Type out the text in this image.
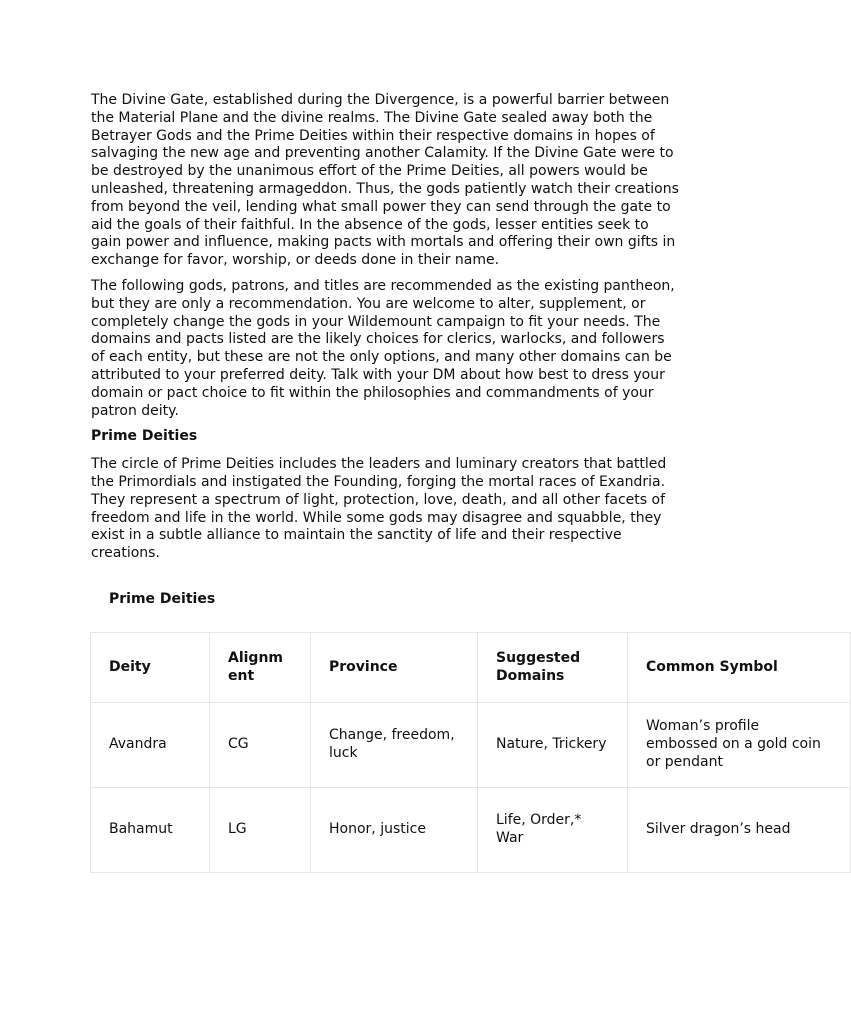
The Divine Gate, established during the Divergence, is a powerful barrier between the Material Plane and the divine realms. The Divine Gate sealed away both the Betrayer Gods and the Prime Deities within their respective domains in hopes of salvaging the new age and preventing another Calamity. If the Divine Gate were to be destroyed by the unanimous effort of the Prime Deities, all powers would be unleashed, threatening armageddon. Thus, the gods patiently watch their creations from beyond the veil, lending what small power they can send through the gate to aid the goals of their faithful. In the absence of the gods, lesser entities seek to gain power and influence, making pacts with mortals and offering their own gifts in exchange for favor, worship, or deeds done in their name.

The following gods, patrons, and titles are recommended as the existing pantheon, but they are only a recommendation. You are welcome to alter, supplement, or completely change the gods in your Wildemount campaign to fit your needs. The domains and pacts listed are the likely choices for clerics, warlocks, and followers of each entity, but these are not the only options, and many other domains can be attributed to your preferred deity. Talk with your DM about how best to dress your domain or pact choice to fit within the philosophies and commandments of your patron deity.

Prime Deities

The circle of Prime Deities includes the leaders and luminary creators that battled the Primordials and instigated the Founding, forging the mortal races of Exandria. They represent a spectrum of light, protection, love, death, and all other facets of freedom and life in the world. While some gods may disagree and squabble, they exist in a subtle alliance to maintain the sanctity of life and their respective creations.

Prime Deities
Deity	Alignment	Province	Suggested Domains	Common Symbol
Avandra	CG	Change, freedom, luck	Nature, Trickery	Woman’s profile embossed on a gold coin or pendant
Bahamut	LG	Honor, justice	Life, Order,* War	Silver dragon’s head
